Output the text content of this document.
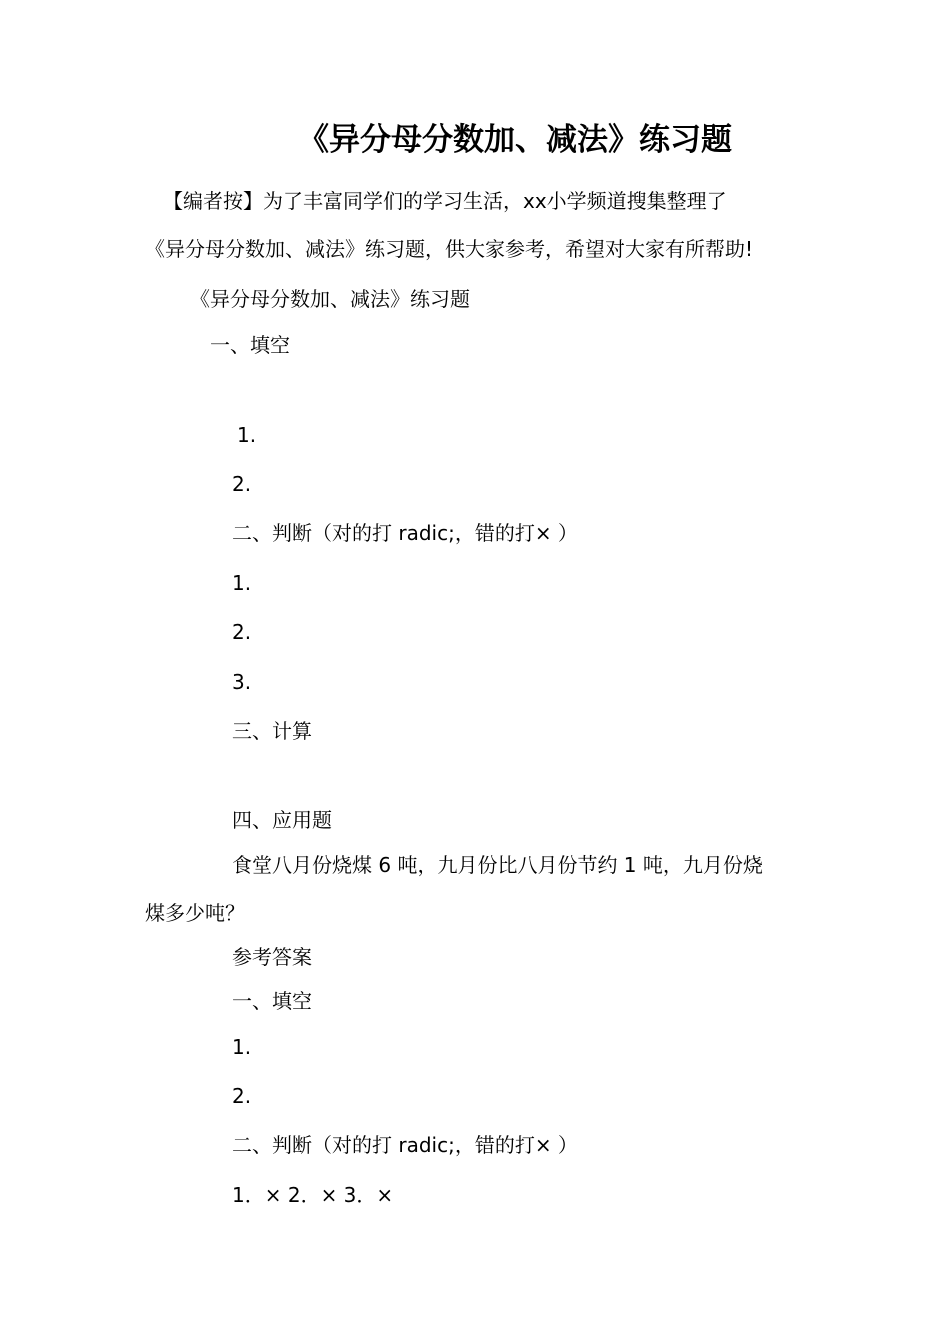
《异分母分数加、减法》练习题
【编者按】为了丰富同学们的学习生活，xx小学频道搜集整理了
《异分母分数加、减法》练习题，供大家参考，希望对大家有所帮助!
《异分母分数加、减法》练习题
一、填空
1.
2.
二、判断（对的打 radic;，错的打× ）
1.
2.
3.
三、计算
四、应用题
食堂八月份烧煤 6 吨，九月份比八月份节约 1 吨，九月份烧
煤多少吨？
参考答案
一、填空
1.
2.
二、判断（对的打 radic;，错的打× ）
1．× 2．× 3．×
